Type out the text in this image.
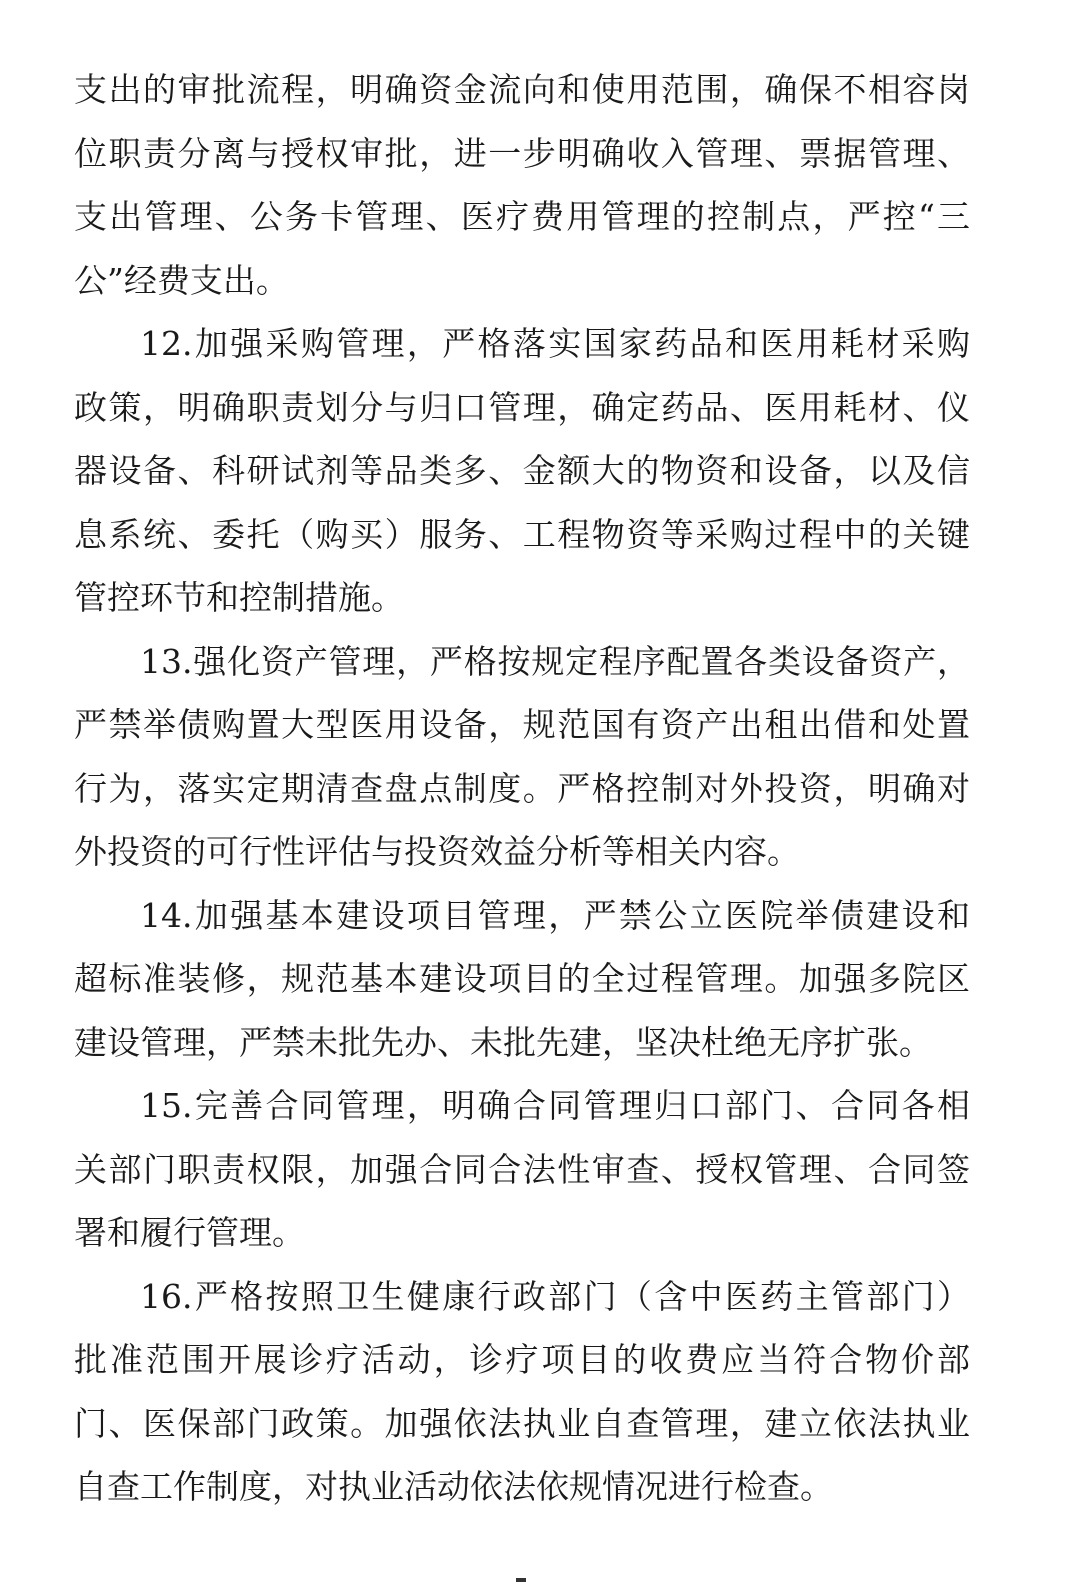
支出的审批流程，明确资金流向和使用范围，确保不相容岗
位职责分离与授权审批，进一步明确收入管理、票据管理、
支出管理、公务卡管理、医疗费用管理的控制点，严控“三
公”经费支出。
12.加强采购管理，严格落实国家药品和医用耗材采购
政策，明确职责划分与归口管理，确定药品、医用耗材、仪
器设备、科研试剂等品类多、金额大的物资和设备，以及信
息系统、委托（购买）服务、工程物资等采购过程中的关键
管控环节和控制措施。
13.强化资产管理，严格按规定程序配置各类设备资产，
严禁举债购置大型医用设备，规范国有资产出租出借和处置
行为，落实定期清查盘点制度。严格控制对外投资，明确对
外投资的可行性评估与投资效益分析等相关内容。
14.加强基本建设项目管理，严禁公立医院举债建设和
超标准装修，规范基本建设项目的全过程管理。加强多院区
建设管理，严禁未批先办、未批先建，坚决杜绝无序扩张。
15.完善合同管理，明确合同管理归口部门、合同各相
关部门职责权限，加强合同合法性审查、授权管理、合同签
署和履行管理。
16.严格按照卫生健康行政部门（含中医药主管部门）
批准范围开展诊疗活动，诊疗项目的收费应当符合物价部
门、医保部门政策。加强依法执业自查管理，建立依法执业
自查工作制度，对执业活动依法依规情况进行检查。
